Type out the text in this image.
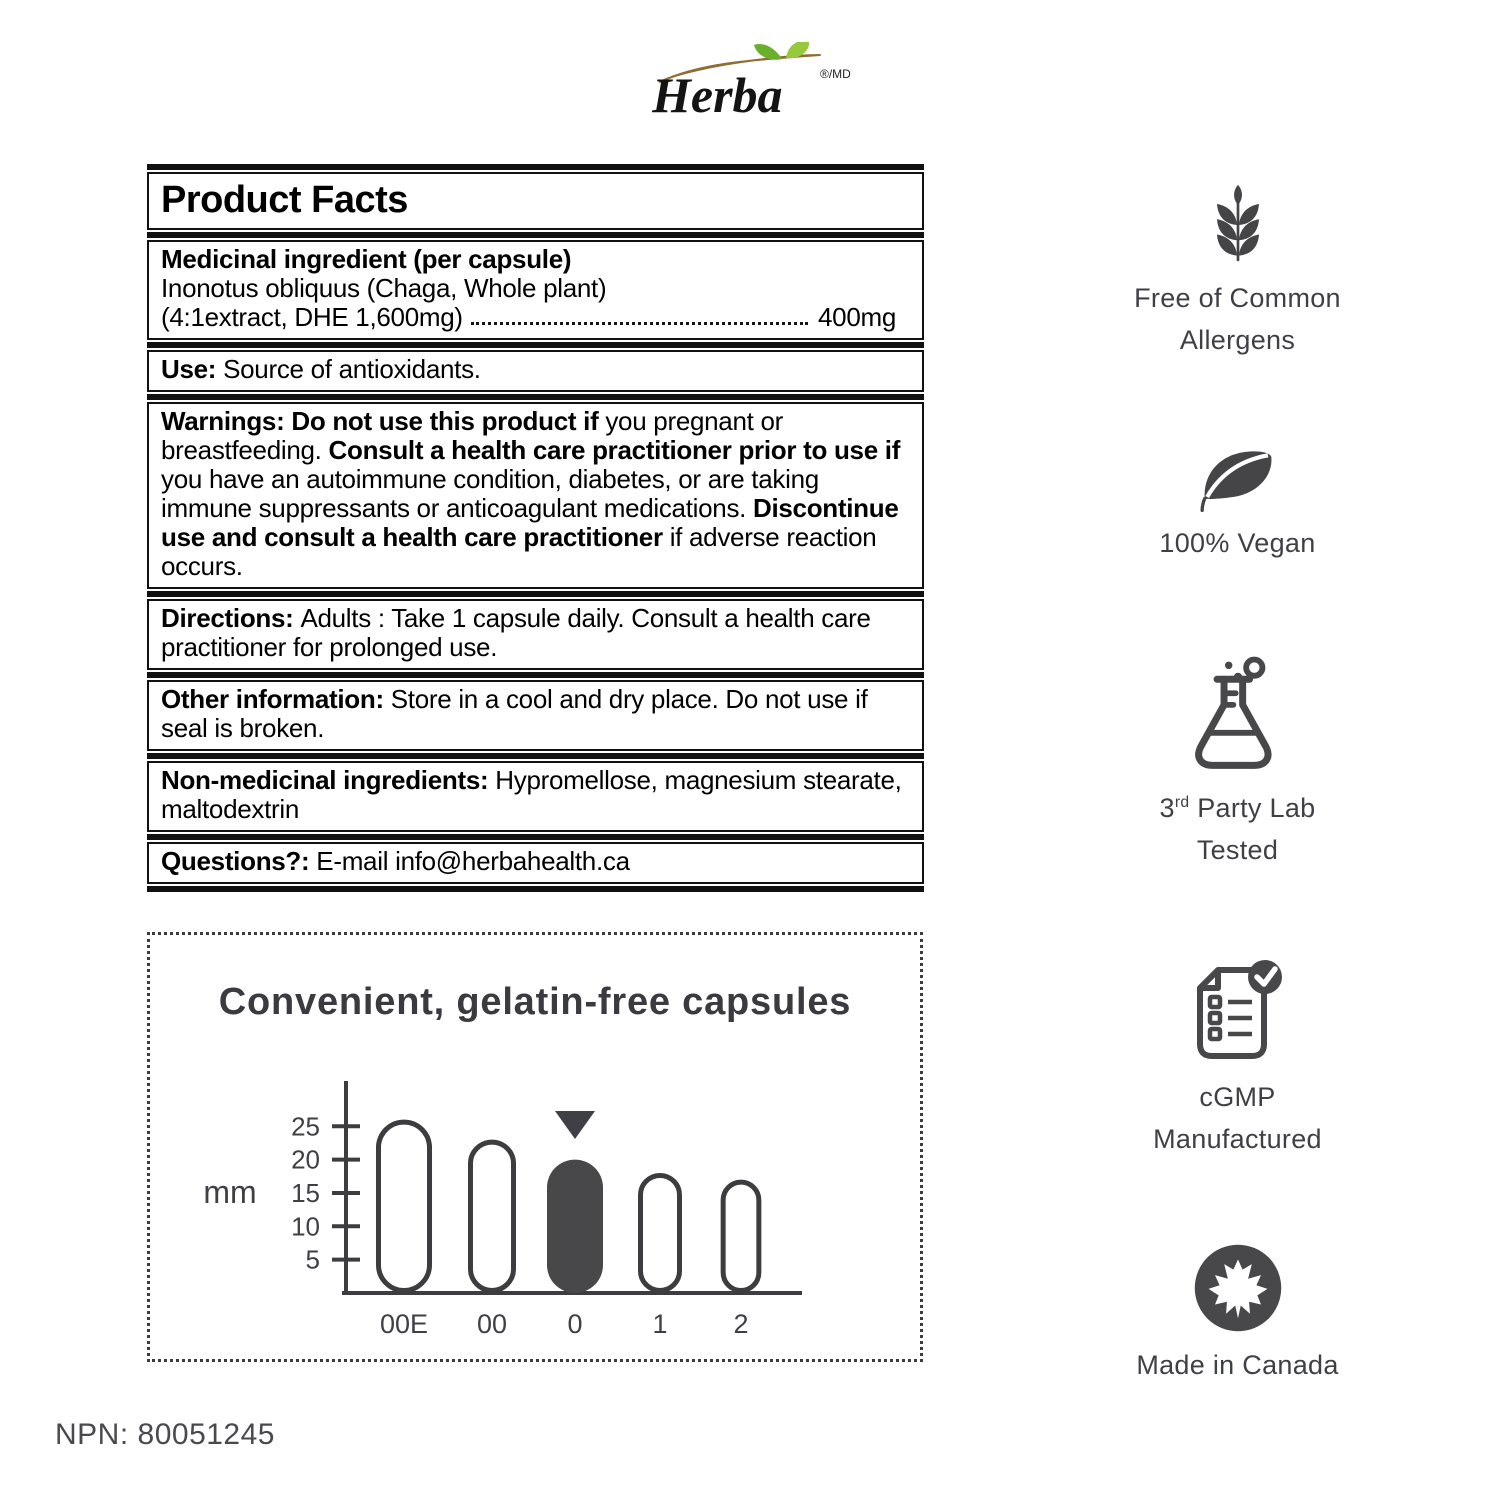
Herba	®/MD
Product Facts
Medicinal ingredient (per capsule)
Inonotus obliquus (Chaga, Whole plant)
(4:1extract, DHE 1,600mg)	400mg
Use: Source of antioxidants.
Warnings: Do not use this product if you pregnant or breastfeeding. Consult a health care practitioner prior to use if you have an autoimmune condition, diabetes, or are taking immune suppressants or anticoagulant medications. Discontinue use and consult a health care practitioner if adverse reaction occurs.
Directions: Adults : Take 1 capsule daily. Consult a health care practitioner for prolonged use.
Other information: Store in a cool and dry place. Do not use if seal is broken.
Non-medicinal ingredients: Hypromellose, magnesium stearate, maltodextrin
Questions?: E-mail info@herbahealth.ca
Free of Common
Allergens
100% Vegan
3rd Party Lab
Tested
cGMP
Manufactured
Made in Canada
Convenient, gelatin-free capsules
5
10
15
20
25
mm
00E 00 0	1 2
NPN: 80051245
